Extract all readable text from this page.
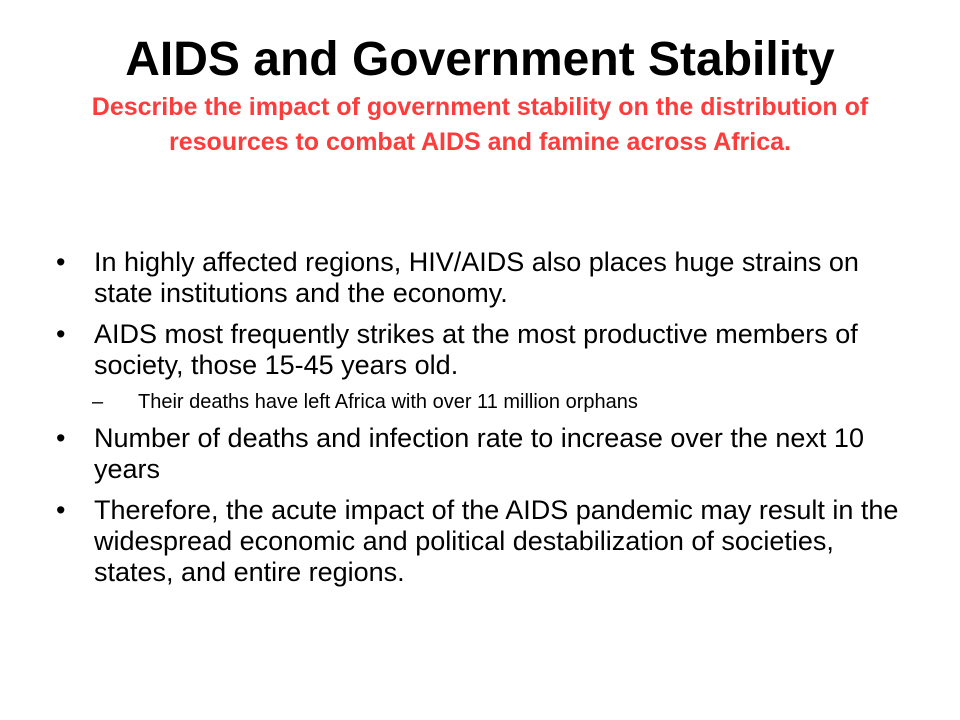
AIDS and Government Stability

Describe the impact of government stability on the distribution of resources to combat AIDS and famine across Africa.

•	In highly affected regions, HIV/AIDS also places huge strains on state institutions and the economy.
•	AIDS most frequently strikes at the most productive members of society, those 15-45 years old.
–	Their deaths have left Africa with over 11 million orphans
•	Number of deaths and infection rate to increase over the next 10 years
•	Therefore, the acute impact of the AIDS pandemic may result in the widespread economic and political destabilization of societies, states, and entire regions.
